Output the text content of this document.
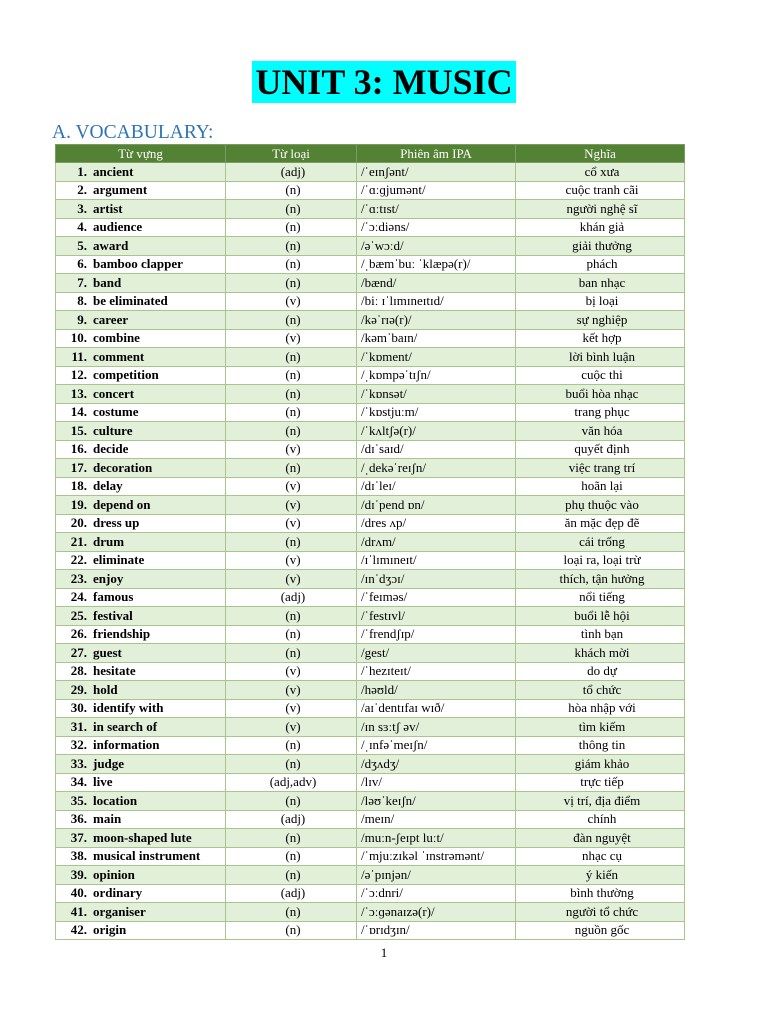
UNIT 3: MUSIC
A. VOCABULARY:
Từ vựng	Từ loại	Phiên âm IPA	Nghĩa
1. ancient	(adj)	/ˈeɪnʃənt/	cổ xưa
2. argument	(n)	/ˈɑːɡjumənt/	cuộc tranh cãi
3. artist	(n)	/ˈɑːtɪst/	người nghệ sĩ
4. audience	(n)	/ˈɔːdiəns/	khán giả
5. award	(n)	/əˈwɔːd/	giải thưởng
6. bamboo clapper	(n)	/ˌbæmˈbuː ˈklæpə(r)/	phách
7. band	(n)	/bænd/	ban nhạc
8. be eliminated	(v)	/biː ɪˈlɪmɪneɪtɪd/	bị loại
9. career	(n)	/kəˈrɪə(r)/	sự nghiệp
10. combine	(v)	/kəmˈbaɪn/	kết hợp
11. comment	(n)	/ˈkɒment/	lời bình luận
12. competition	(n)	/ˌkɒmpəˈtɪʃn/	cuộc thi
13. concert	(n)	/ˈkɒnsət/	buổi hòa nhạc
14. costume	(n)	/ˈkɒstjuːm/	trang phục
15. culture	(n)	/ˈkʌltʃə(r)/	văn hóa
16. decide	(v)	/dɪˈsaɪd/	quyết định
17. decoration	(n)	/ˌdekəˈreɪʃn/	việc trang trí
18. delay	(v)	/dɪˈleɪ/	hoãn lại
19. depend on	(v)	/dɪˈpend ɒn/	phụ thuộc vào
20. dress up	(v)	/dres ʌp/	ăn mặc đẹp đẽ
21. drum	(n)	/drʌm/	cái trống
22. eliminate	(v)	/ɪˈlɪmɪneɪt/	loại ra, loại trừ
23. enjoy	(v)	/ɪnˈdʒɔɪ/	thích, tận hưởng
24. famous	(adj)	/ˈfeɪməs/	nổi tiếng
25. festival	(n)	/ˈfestɪvl/	buổi lễ hội
26. friendship	(n)	/ˈfrendʃɪp/	tình bạn
27. guest	(n)	/gest/	khách mời
28. hesitate	(v)	/ˈhezɪteɪt/	do dự
29. hold	(v)	/həʊld/	tổ chức
30. identify with	(v)	/aɪˈdentɪfaɪ wɪð/	hòa nhập với
31. in search of	(v)	/ɪn sɜːtʃ əv/	tìm kiếm
32. information	(n)	/ˌɪnfəˈmeɪʃn/	thông tin
33. judge	(n)	/dʒʌdʒ/	giám khảo
34. live	(adj,adv)	/lɪv/	trực tiếp
35. location	(n)	/ləʊˈkeɪʃn/	vị trí, địa điểm
36. main	(adj)	/meɪn/	chính
37. moon-shaped lute	(n)	/muːn-ʃeɪpt luːt/	đàn nguyệt
38. musical instrument	(n)	/ˈmjuːzɪkəl ˈɪnstrəmənt/	nhạc cụ
39. opinion	(n)	/əˈpɪnjən/	ý kiến
40. ordinary	(adj)	/ˈɔːdnri/	bình thường
41. organiser	(n)	/ˈɔːɡənaɪzə(r)/	người tổ chức
42. origin	(n)	/ˈɒrɪdʒɪn/	nguồn gốc
1
